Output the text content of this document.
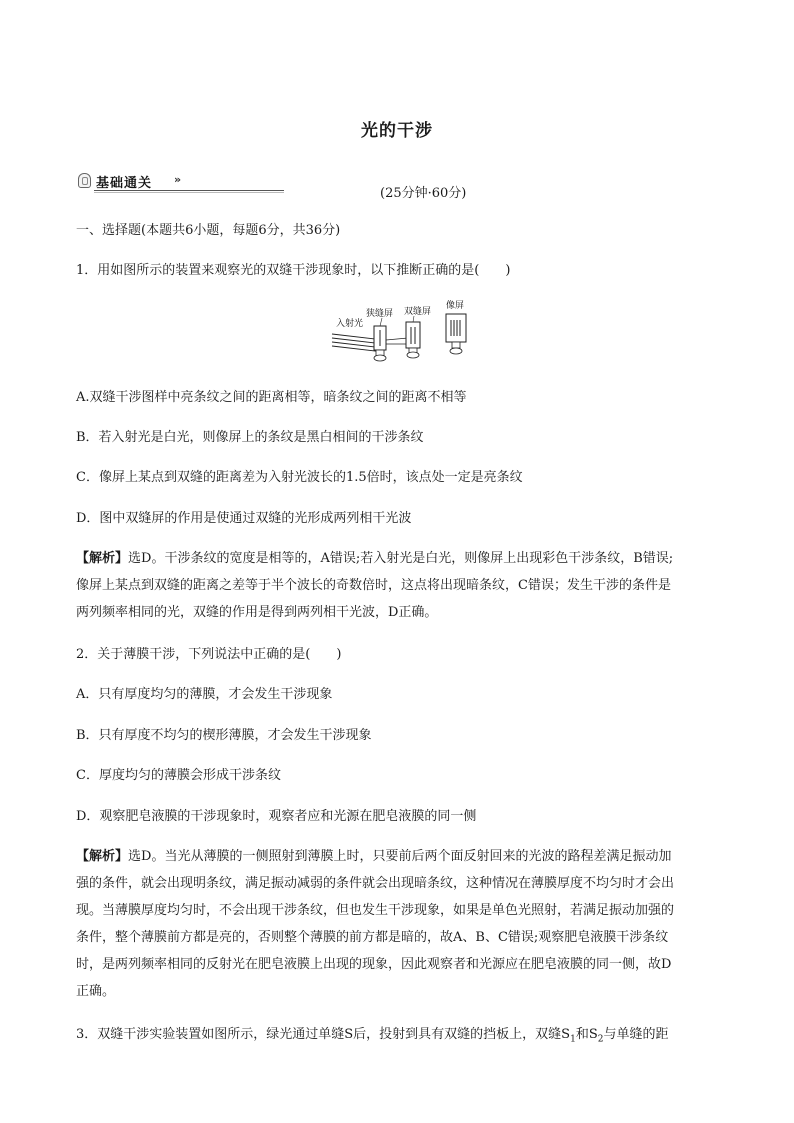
光的干涉
基础通关 »
(25分钟·60分)
一、选择题(本题共6小题，每题6分，共36分)
1．用如图所示的装置来观察光的双缝干涉现象时，以下推断正确的是(　　)
入射光
狭缝屏 双缝屏
像屏
A.双缝干涉图样中亮条纹之间的距离相等，暗条纹之间的距离不相等
B．若入射光是白光，则像屏上的条纹是黑白相间的干涉条纹
C．像屏上某点到双缝的距离差为入射光波长的1.5倍时，该点处一定是亮条纹
D．图中双缝屏的作用是使通过双缝的光形成两列相干光波
【解析】选D。干涉条纹的宽度是相等的，A错误;若入射光是白光，则像屏上出现彩色干涉条纹，B错误;
像屏上某点到双缝的距离之差等于半个波长的奇数倍时，这点将出现暗条纹，C错误；发生干涉的条件是
两列频率相同的光，双缝的作用是得到两列相干光波，D正确。
2．关于薄膜干涉，下列说法中正确的是(　　)
A．只有厚度均匀的薄膜，才会发生干涉现象
B．只有厚度不均匀的楔形薄膜，才会发生干涉现象
C．厚度均匀的薄膜会形成干涉条纹
D．观察肥皂液膜的干涉现象时，观察者应和光源在肥皂液膜的同一侧
【解析】选D。当光从薄膜的一侧照射到薄膜上时，只要前后两个面反射回来的光波的路程差满足振动加
强的条件，就会出现明条纹，满足振动减弱的条件就会出现暗条纹，这种情况在薄膜厚度不均匀时才会出
现。当薄膜厚度均匀时，不会出现干涉条纹，但也发生干涉现象，如果是单色光照射，若满足振动加强的
条件，整个薄膜前方都是亮的，否则整个薄膜的前方都是暗的，故A、B、C错误;观察肥皂液膜干涉条纹
时，是两列频率相同的反射光在肥皂液膜上出现的现象，因此观察者和光源应在肥皂液膜的同一侧，故D
正确。
3．双缝干涉实验装置如图所示，绿光通过单缝S后，投射到具有双缝的挡板上，双缝$S_1$和$S_2$与单缝的距
